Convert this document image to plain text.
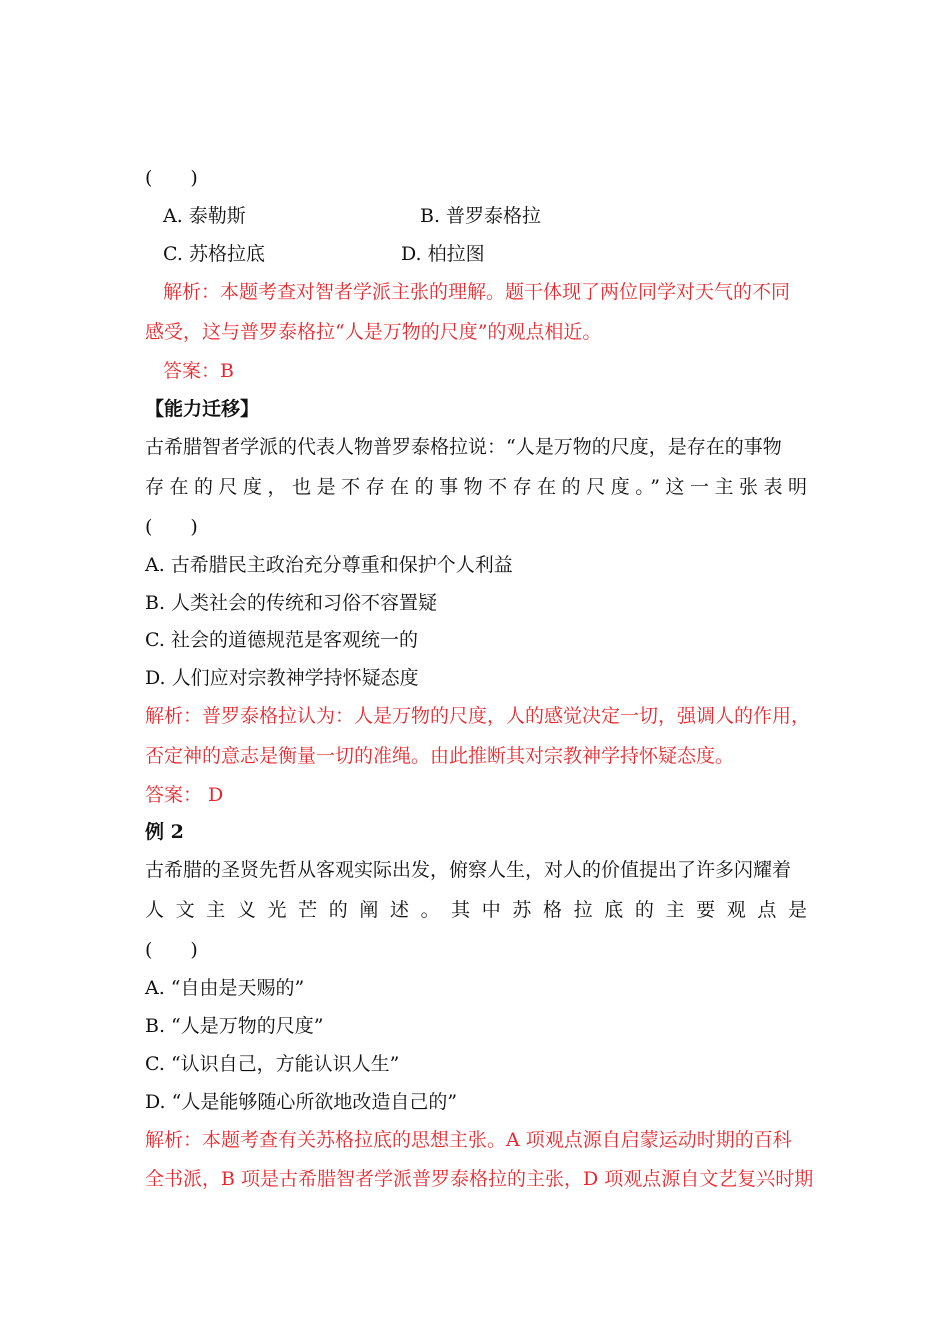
(　　)
A. 泰勒斯	B. 普罗泰格拉
C. 苏格拉底	D. 柏拉图
解析：本题考查对智者学派主张的理解。题干体现了两位同学对天气的不同
感受，这与普罗泰格拉“人是万物的尺度”的观点相近。
答案：B
【能力迁移】
古希腊智者学派的代表人物普罗泰格拉说：“人是万物的尺度，是存在的事物
存在的尺度，也是不存在的事物不存在的尺度。”这一主张表明
(　　)
A. 古希腊民主政治充分尊重和保护个人利益
B. 人类社会的传统和习俗不容置疑
C. 社会的道德规范是客观统一的
D. 人们应对宗教神学持怀疑态度
解析：普罗泰格拉认为：人是万物的尺度，人的感觉决定一切，强调人的作用，
否定神的意志是衡量一切的准绳。由此推断其对宗教神学持怀疑态度。
答案： D
例 2
古希腊的圣贤先哲从客观实际出发，俯察人生，对人的价值提出了许多闪耀着
人文主义光芒的阐述。其中苏格拉底的主要观点是
(　　)
A. “自由是天赐的”
B. “人是万物的尺度”
C. “认识自己，方能认识人生”
D. “人是能够随心所欲地改造自己的”
解析：本题考查有关苏格拉底的思想主张。A 项观点源自启蒙运动时期的百科
全书派，B 项是古希腊智者学派普罗泰格拉的主张，D 项观点源自文艺复兴时期
